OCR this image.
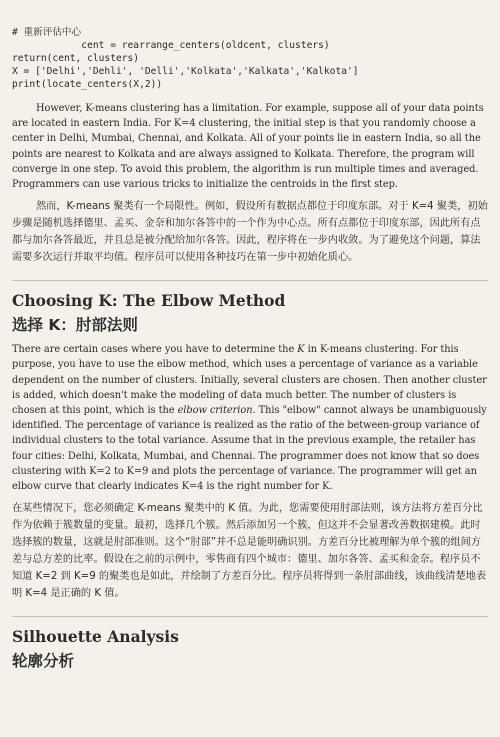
# 重新评估中心
cent = rearrange_centers(oldcent, clusters)
return(cent, clusters)
X = ['Delhi','Dehli', 'Delli','Kolkata','Kalkata','Kalkota']
print(locate_centers(X,2))

However, K-means clustering has a limitation. For example, suppose all of your data points are located in eastern India. For K=4 clustering, the initial step is that you randomly choose a center in Delhi, Mumbai, Chennai, and Kolkata. All of your points lie in eastern India, so all the points are nearest to Kolkata and are always assigned to Kolkata. Therefore, the program will converge in one step. To avoid this problem, the algorithm is run multiple times and averaged. Programmers can use various tricks to initialize the centroids in the first step.

然而，K-means 聚类有一个局限性。例如，假设所有数据点都位于印度东部。对于 K=4 聚类，初始步骤是随机选择德里、孟买、金奈和加尔各答中的一个作为中心点。所有点都位于印度东部，因此所有点都与加尔各答最近，并且总是被分配给加尔各答。因此，程序将在一步内收敛。为了避免这个问题，算法需要多次运行并取平均值。程序员可以使用各种技巧在第一步中初始化质心。

Choosing K: The Elbow Method
选择 K：肘部法则

There are certain cases where you have to determine the K in K-means clustering. For this purpose, you have to use the elbow method, which uses a percentage of variance as a variable dependent on the number of clusters. Initially, several clusters are chosen. Then another cluster is added, which doesn't make the modeling of data much better. The number of clusters is chosen at this point, which is the elbow criterion. This "elbow" cannot always be unambiguously identified. The percentage of variance is realized as the ratio of the between-group variance of individual clusters to the total variance. Assume that in the previous example, the retailer has four cities: Delhi, Kolkata, Mumbai, and Chennai. The programmer does not know that so does clustering with K=2 to K=9 and plots the percentage of variance. The programmer will get an elbow curve that clearly indicates K=4 is the right number for K.

在某些情况下，您必须确定 K-means 聚类中的 K 值。为此，您需要使用肘部法则，该方法将方差百分比作为依赖于簇数量的变量。最初，选择几个簇。然后添加另一个簇，但这并不会显著改善数据建模。此时选择簇的数量，这就是肘部准则。这个“肘部”并不总是能明确识别。方差百分比被理解为单个簇的组间方差与总方差的比率。假设在之前的示例中，零售商有四个城市：德里、加尔各答、孟买和金奈。程序员不知道 K=2 到 K=9 的聚类也是如此，并绘制了方差百分比。程序员将得到一条肘部曲线，该曲线清楚地表明 K=4 是正确的 K 值。

Silhouette Analysis
轮廓分析
